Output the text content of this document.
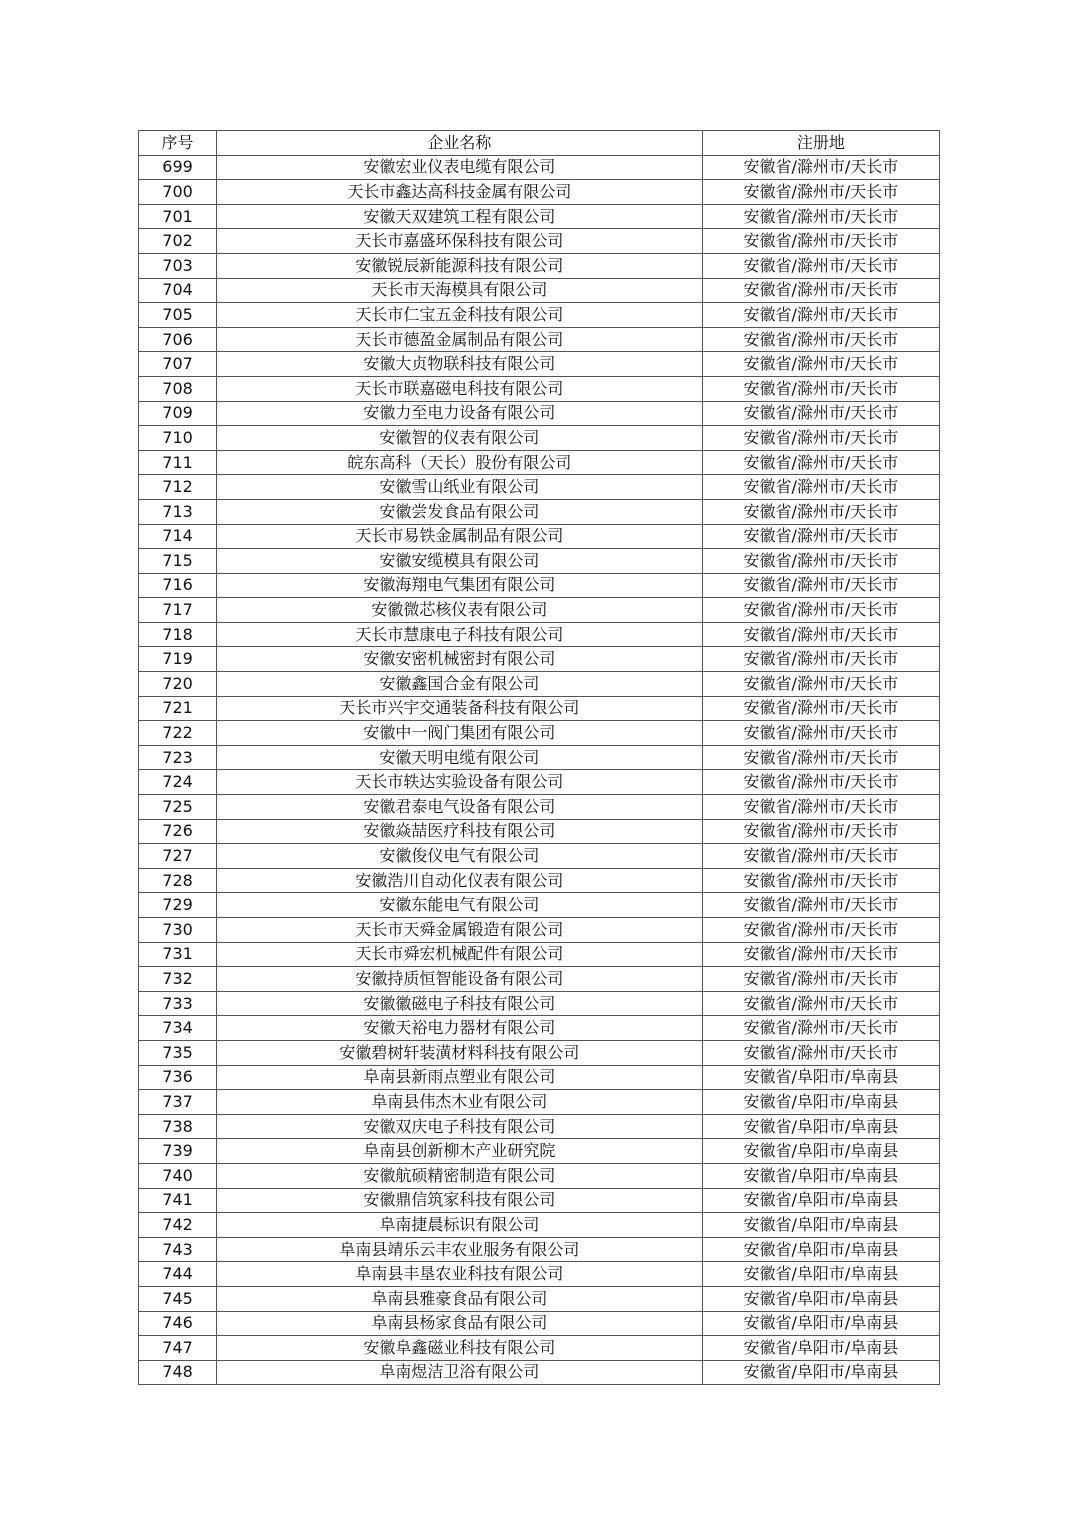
序号	企业名称	注册地
699	安徽宏业仪表电缆有限公司	安徽省/滁州市/天长市
700	天长市鑫达高科技金属有限公司	安徽省/滁州市/天长市
701	安徽天双建筑工程有限公司	安徽省/滁州市/天长市
702	天长市嘉盛环保科技有限公司	安徽省/滁州市/天长市
703	安徽锐辰新能源科技有限公司	安徽省/滁州市/天长市
704	天长市天海模具有限公司	安徽省/滁州市/天长市
705	天长市仁宝五金科技有限公司	安徽省/滁州市/天长市
706	天长市德盈金属制品有限公司	安徽省/滁州市/天长市
707	安徽大贞物联科技有限公司	安徽省/滁州市/天长市
708	天长市联嘉磁电科技有限公司	安徽省/滁州市/天长市
709	安徽力至电力设备有限公司	安徽省/滁州市/天长市
710	安徽智的仪表有限公司	安徽省/滁州市/天长市
711	皖东高科（天长）股份有限公司	安徽省/滁州市/天长市
712	安徽雪山纸业有限公司	安徽省/滁州市/天长市
713	安徽尝发食品有限公司	安徽省/滁州市/天长市
714	天长市易铁金属制品有限公司	安徽省/滁州市/天长市
715	安徽安缆模具有限公司	安徽省/滁州市/天长市
716	安徽海翔电气集团有限公司	安徽省/滁州市/天长市
717	安徽微芯核仪表有限公司	安徽省/滁州市/天长市
718	天长市慧康电子科技有限公司	安徽省/滁州市/天长市
719	安徽安密机械密封有限公司	安徽省/滁州市/天长市
720	安徽鑫国合金有限公司	安徽省/滁州市/天长市
721	天长市兴宇交通装备科技有限公司	安徽省/滁州市/天长市
722	安徽中一阀门集团有限公司	安徽省/滁州市/天长市
723	安徽天明电缆有限公司	安徽省/滁州市/天长市
724	天长市轶达实验设备有限公司	安徽省/滁州市/天长市
725	安徽君泰电气设备有限公司	安徽省/滁州市/天长市
726	安徽焱喆医疗科技有限公司	安徽省/滁州市/天长市
727	安徽俊仪电气有限公司	安徽省/滁州市/天长市
728	安徽浩川自动化仪表有限公司	安徽省/滁州市/天长市
729	安徽东能电气有限公司	安徽省/滁州市/天长市
730	天长市天舜金属锻造有限公司	安徽省/滁州市/天长市
731	天长市舜宏机械配件有限公司	安徽省/滁州市/天长市
732	安徽持质恒智能设备有限公司	安徽省/滁州市/天长市
733	安徽徽磁电子科技有限公司	安徽省/滁州市/天长市
734	安徽天裕电力器材有限公司	安徽省/滁州市/天长市
735	安徽碧树轩装潢材料科技有限公司	安徽省/滁州市/天长市
736	阜南县新雨点塑业有限公司	安徽省/阜阳市/阜南县
737	阜南县伟杰木业有限公司	安徽省/阜阳市/阜南县
738	安徽双庆电子科技有限公司	安徽省/阜阳市/阜南县
739	阜南县创新柳木产业研究院	安徽省/阜阳市/阜南县
740	安徽航硕精密制造有限公司	安徽省/阜阳市/阜南县
741	安徽鼎信筑家科技有限公司	安徽省/阜阳市/阜南县
742	阜南捷晨标识有限公司	安徽省/阜阳市/阜南县
743	阜南县靖乐云丰农业服务有限公司	安徽省/阜阳市/阜南县
744	阜南县丰垦农业科技有限公司	安徽省/阜阳市/阜南县
745	阜南县雅豪食品有限公司	安徽省/阜阳市/阜南县
746	阜南县杨家食品有限公司	安徽省/阜阳市/阜南县
747	安徽阜鑫磁业科技有限公司	安徽省/阜阳市/阜南县
748	阜南煜洁卫浴有限公司	安徽省/阜阳市/阜南县
